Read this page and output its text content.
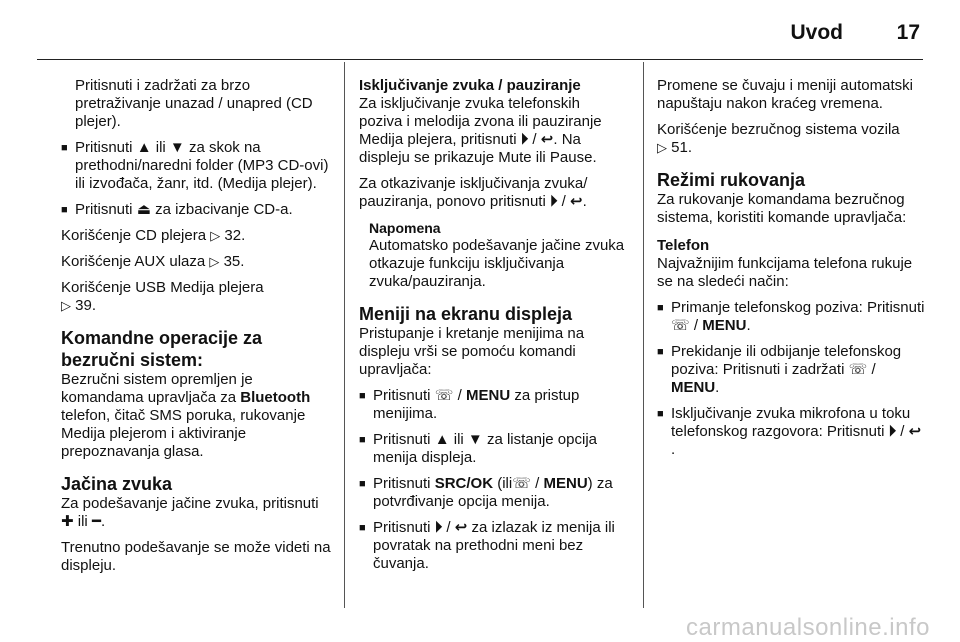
Uvod	17

Pritisnuti i zadržati za brzo pretraživanje unazad / unapred (CD plejer).

■ Pritisnuti ▲ ili ▼ za skok na prethodni/naredni folder (MP3 CD-ovi) ili izvođača, žanr, itd. (Medija plejer).
■ Pritisnuti ⏏ za izbacivanje CD-a.

Korišćenje CD plejera ▷ 32.

Korišćenje AUX ulaza ▷ 35.

Korišćenje USB Medija plejera
▷ 39.

Komandne operacije za bezručni sistem:

Bezručni sistem opremljen je komandama upravljača za Bluetooth telefon, čitač SMS poruka, rukovanje Medija plejerom i aktiviranje prepoznavanja glasa.

Jačina zvuka

Za podešavanje jačine zvuka, pritisnuti ✚ ili ━.

Trenutno podešavanje se može videti na displeju.

Isključivanje zvuka / pauziranje

Za isključivanje zvuka telefonskih poziva i melodija zvona ili pauziranje Medija plejera, pritisnuti ⏵ / ↩. Na displeju se prikazuje Mute ili Pause.

Za otkazivanje isključivanja zvuka/ pauziranja, ponovo pritisnuti ⏵ / ↩.

Napomena
Automatsko podešavanje jačine zvuka otkazuje funkciju isključivanja zvuka/pauziranja.
Meniji na ekranu displeja

Pristupanje i kretanje menijima na displeju vrši se pomoću komandi upravljača:

■ Pritisnuti ☏ / MENU za pristup menijima.
■ Pritisnuti ▲ ili ▼ za listanje opcija menija displeja.
■ Pritisnuti SRC/OK (ili☏ / MENU) za potvrđivanje opcija menija.
■ Pritisnuti ⏵ / ↩ za izlazak iz menija ili povratak na prethodni meni bez čuvanja.

Promene se čuvaju i meniji automatski napuštaju nakon kraćeg vremena.

Korišćenje bezručnog sistema vozila
▷ 51.

Režimi rukovanja

Za rukovanje komandama bezručnog sistema, koristiti komande upravljača:

Telefon

Najvažnijim funkcijama telefona rukuje se na sledeći način:

■ Primanje telefonskog poziva: Pritisnuti ☏ / MENU.
■ Prekidanje ili odbijanje telefonskog poziva: Pritisnuti i zadržati ☏ / MENU.
■ Isključivanje zvuka mikrofona u toku telefonskog razgovora: Pritisnuti ⏵ / ↩.
carmanualsonline.info
